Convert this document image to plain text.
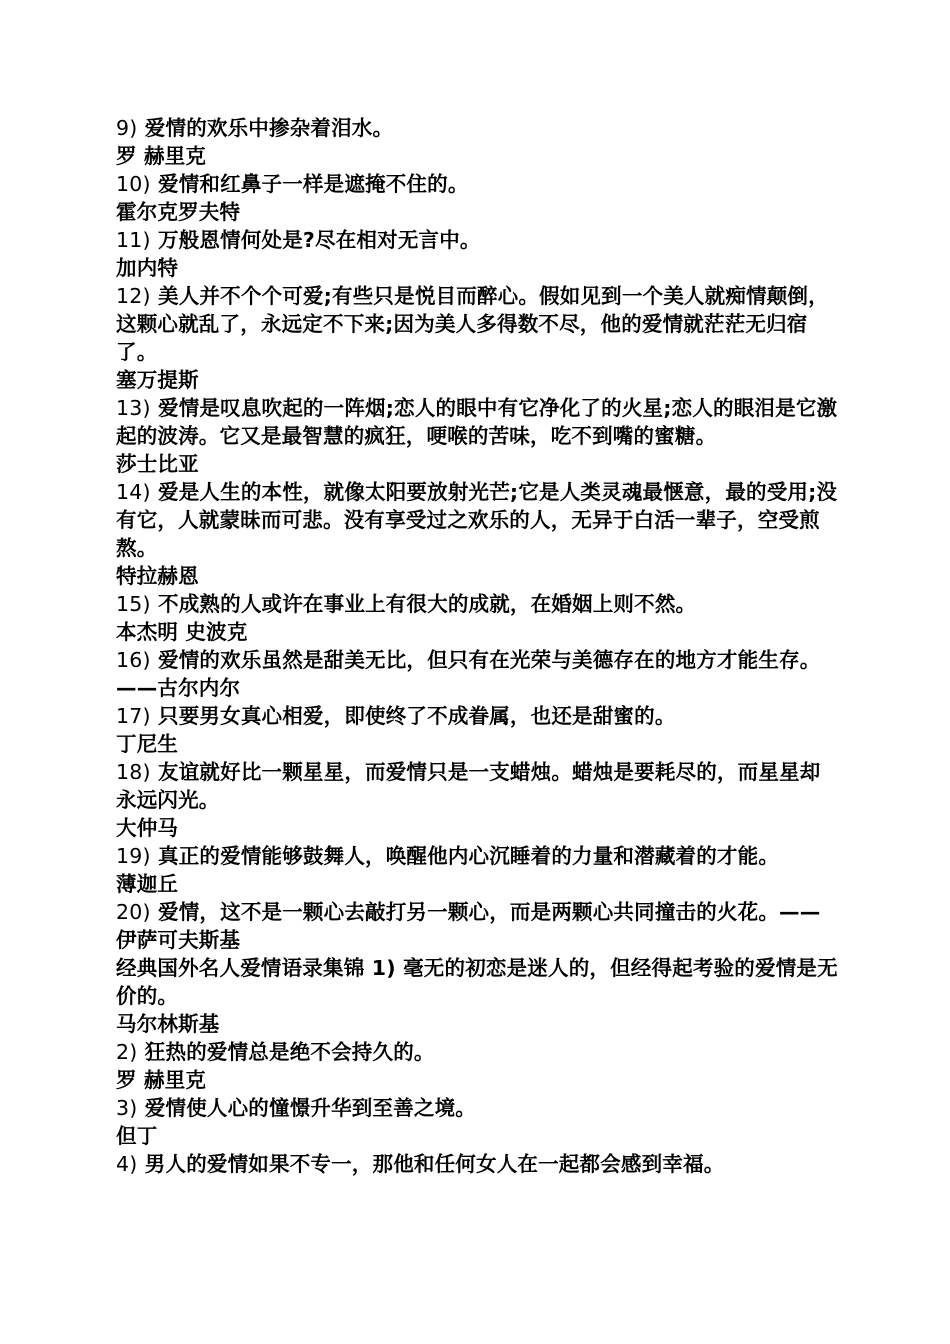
9) 爱情的欢乐中掺杂着泪水。
罗 赫里克
10) 爱情和红鼻子一样是遮掩不住的。
霍尔克罗夫特
11) 万般恩情何处是?尽在相对无言中。
加内特
12) 美人并不个个可爱;有些只是悦目而醉心。假如见到一个美人就痴情颠倒，这颗心就乱了，永远定不下来;因为美人多得数不尽，他的爱情就茫茫无归宿了。
塞万提斯
13) 爱情是叹息吹起的一阵烟;恋人的眼中有它净化了的火星;恋人的眼泪是它激起的波涛。它又是最智慧的疯狂，哽喉的苦味，吃不到嘴的蜜糖。
莎士比亚
14) 爱是人生的本性，就像太阳要放射光芒;它是人类灵魂最惬意，最的受用;没有它，人就蒙昧而可悲。没有享受过之欢乐的人，无异于白活一辈子，空受煎熬。
特拉赫恩
15) 不成熟的人或许在事业上有很大的成就，在婚姻上则不然。
本杰明 史波克
16) 爱情的欢乐虽然是甜美无比，但只有在光荣与美德存在的地方才能生存。——古尔内尔
17) 只要男女真心相爱，即使终了不成眷属，也还是甜蜜的。
丁尼生
18) 友谊就好比一颗星星，而爱情只是一支蜡烛。蜡烛是要耗尽的，而星星却永远闪光。
大仲马
19) 真正的爱情能够鼓舞人，唤醒他内心沉睡着的力量和潜藏着的才能。
薄迦丘
20) 爱情，这不是一颗心去敲打另一颗心，而是两颗心共同撞击的火花。——伊萨可夫斯基
经典国外名人爱情语录集锦 1) 毫无的初恋是迷人的，但经得起考验的爱情是无价的。
马尔林斯基
2) 狂热的爱情总是绝不会持久的。
罗 赫里克
3) 爱情使人心的憧憬升华到至善之境。
但丁
4) 男人的爱情如果不专一，那他和任何女人在一起都会感到幸福。
